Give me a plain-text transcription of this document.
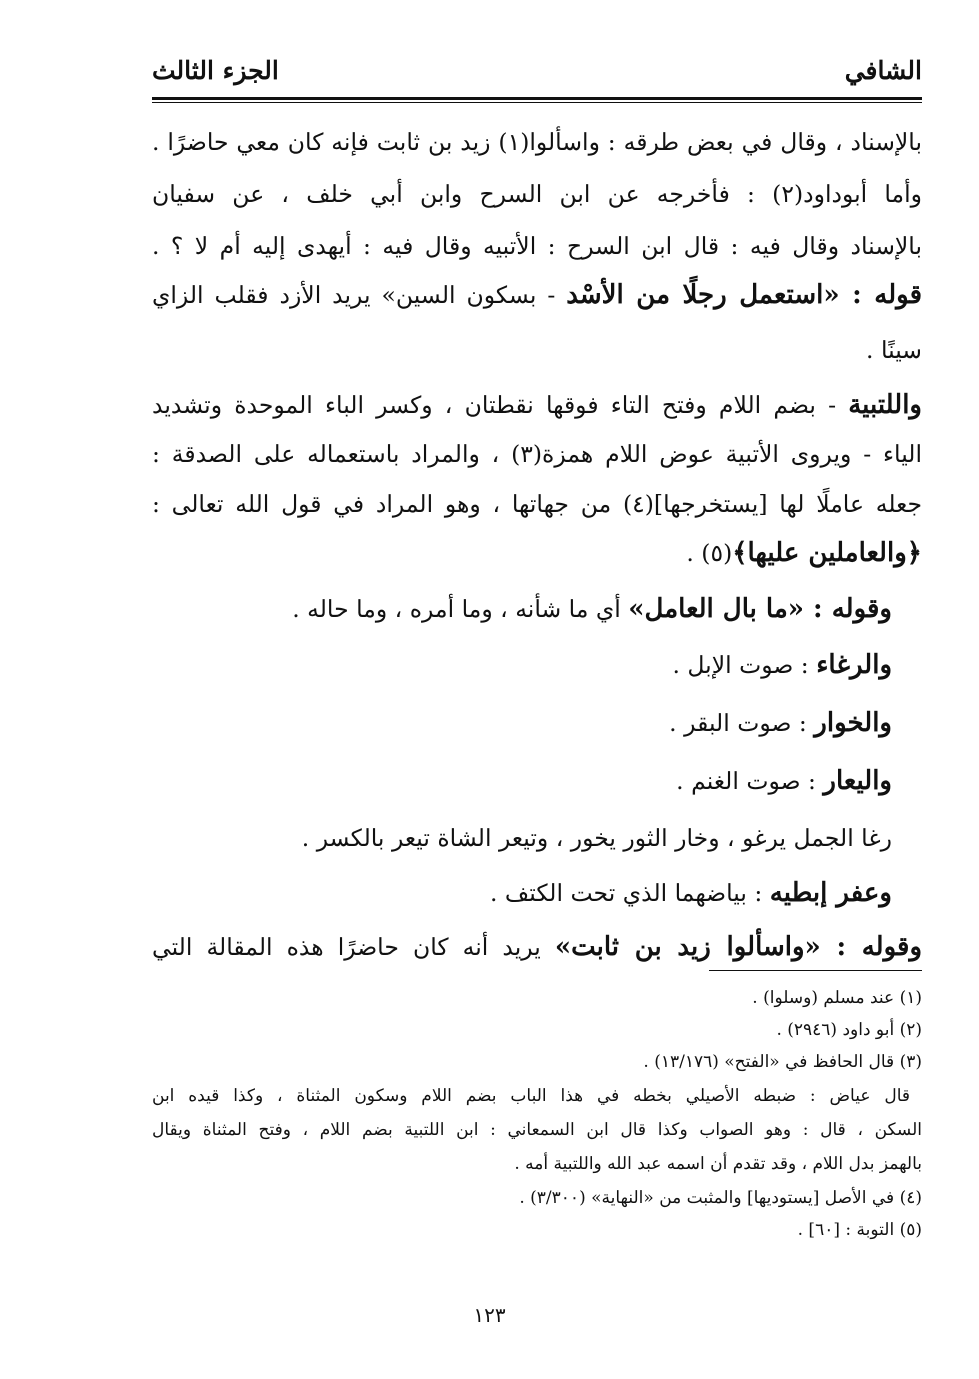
الشافي
الجزء الثالث
بالإسناد ، وقال في بعض طرقه : واسألوا(١) زيد بن ثابت فإنه كان معي حاضرًا .
وأما أبوداود(٢) : فأخرجه عن ابن السرح وابن أبي خلف ، عن سفيان
بالإسناد وقال فيه : قال ابن السرح : الأتبيه وقال فيه : أيهدى إليه أم لا ؟ .
قوله : «استعمل رجلًا من الأسْد - بسكون السين» يريد الأزد فقلب الزاي
سينًا .
واللتبية - بضم اللام وفتح التاء فوقها نقطتان ، وكسر الباء الموحدة وتشديد
الياء - ويروى الأتبية عوض اللام همزة(٣) ، والمراد باستعماله على الصدقة :
جعله عاملًا لها [يستخرجها](٤) من جهاتها ، وهو المراد في قول الله تعالى :
﴿والعاملين عليها﴾(٥) .
وقوله : «ما بال العامل» أي ما شأنه ، وما أمره ، وما حاله .
والرغاء : صوت الإبل .
والخوار : صوت البقر .
واليعار : صوت الغنم .
رغا الجمل يرغو ، وخار الثور يخور ، وتيعر الشاة تيعر بالكسر .
وعفر إبطيه : بياضهما الذي تحت الكتف .
وقوله : «واسألوا زيد بن ثابت» يريد أنه كان حاضرًا هذه المقالة التي
(١) عند مسلم (وسلوا) .
(٢) أبو داود (٢٩٤٦) .
(٣) قال الحافظ في «الفتح» (١٣/١٧٦) .
قال عياض : ضبطه الأصيلي بخطه في هذا الباب بضم اللام وسكون المثناة ، وكذا قيده ابن
السكن ، قال : وهو الصواب وكذا قال ابن السمعاني : ابن اللتبية بضم اللام ، وفتح المثناة ويقال
بالهمز بدل اللام ، وقد تقدم أن اسمه عبد الله واللتبية أمه .
(٤) في الأصل [يستوديها] والمثبت من «النهاية» (٣/٣٠٠) .
(٥) التوبة : [٦٠] .
١٢٣
